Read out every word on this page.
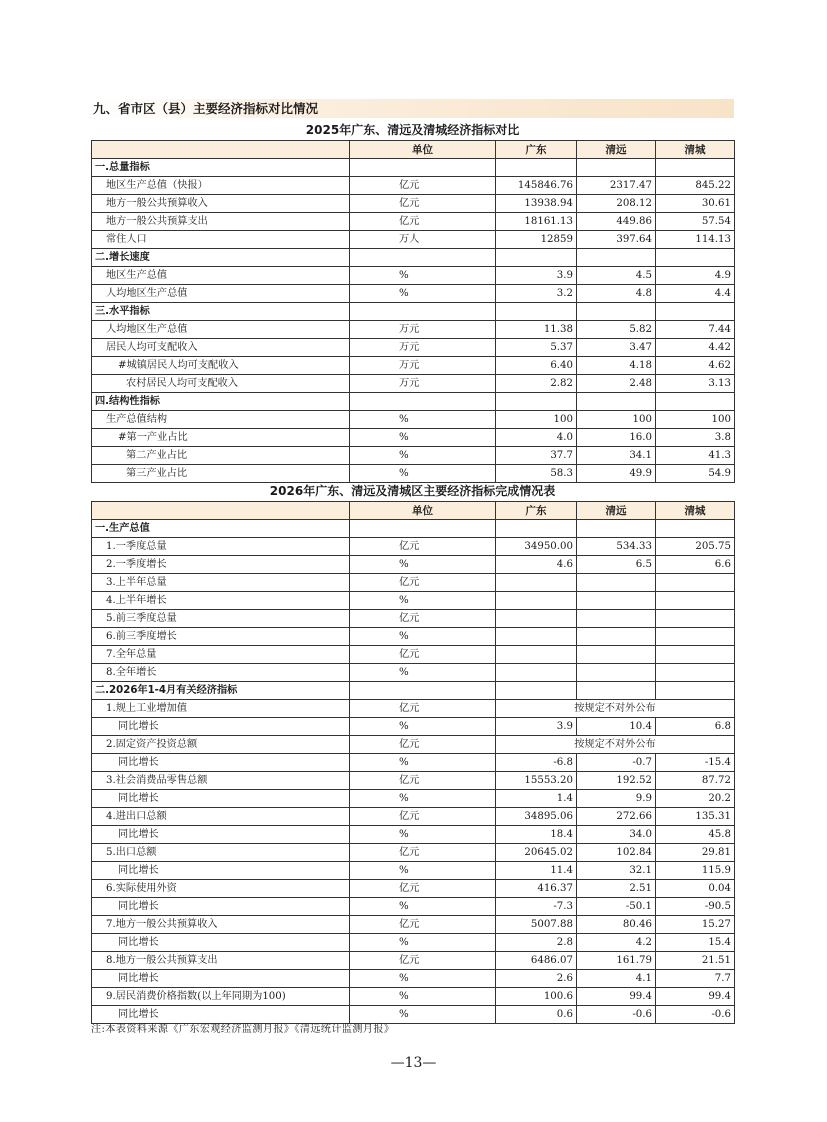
九、省市区（县）主要经济指标对比情况
2025年广东、清远及清城经济指标对比
	单位	广东	清远	清城
一.总量指标				
地区生产总值（快报）	亿元	145846.76	2317.47	845.22
地方一般公共预算收入	亿元	13938.94	208.12	30.61
地方一般公共预算支出	亿元	18161.13	449.86	57.54
常住人口	万人	12859	397.64	114.13
二.增长速度				
地区生产总值	%	3.9	4.5	4.9
人均地区生产总值	%	3.2	4.8	4.4
三.水平指标				
人均地区生产总值	万元	11.38	5.82	7.44
居民人均可支配收入	万元	5.37	3.47	4.42
#城镇居民人均可支配收入	万元	6.40	4.18	4.62
农村居民人均可支配收入	万元	2.82	2.48	3.13
四.结构性指标				
生产总值结构	%	100	100	100
#第一产业占比	%	4.0	16.0	3.8
第二产业占比	%	37.7	34.1	41.3
第三产业占比	%	58.3	49.9	54.9
2026年广东、清远及清城区主要经济指标完成情况表
	单位	广东	清远	清城
一.生产总值				
1.一季度总量	亿元	34950.00	534.33	205.75
2.一季度增长	%	4.6	6.5	6.6
3.上半年总量	亿元			
4.上半年增长	%			
5.前三季度总量	亿元			
6.前三季度增长	%			
7.全年总量	亿元			
8.全年增长	%			
二.2026年1-4月有关经济指标				
1.规上工业增加值	亿元	按规定不对外公布		
同比增长	%	3.9	10.4	6.8
2.固定资产投资总额	亿元	按规定不对外公布		
同比增长	%	-6.8	-0.7	-15.4
3.社会消费品零售总额	亿元	15553.20	192.52	87.72
同比增长	%	1.4	9.9	20.2
4.进出口总额	亿元	34895.06	272.66	135.31
同比增长	%	18.4	34.0	45.8
5.出口总额	亿元	20645.02	102.84	29.81
同比增长	%	11.4	32.1	115.9
6.实际使用外资	亿元	416.37	2.51	0.04
同比增长	%	-7.3	-50.1	-90.5
7.地方一般公共预算收入	亿元	5007.88	80.46	15.27
同比增长	%	2.8	4.2	15.4
8.地方一般公共预算支出	亿元	6486.07	161.79	21.51
同比增长	%	2.6	4.1	7.7
9.居民消费价格指数(以上年同期为100)	%	100.6	99.4	99.4
同比增长	%	0.6	-0.6	-0.6
注:本表资料来源《广东宏观经济监测月报》《清远统计监测月报》
—13—
